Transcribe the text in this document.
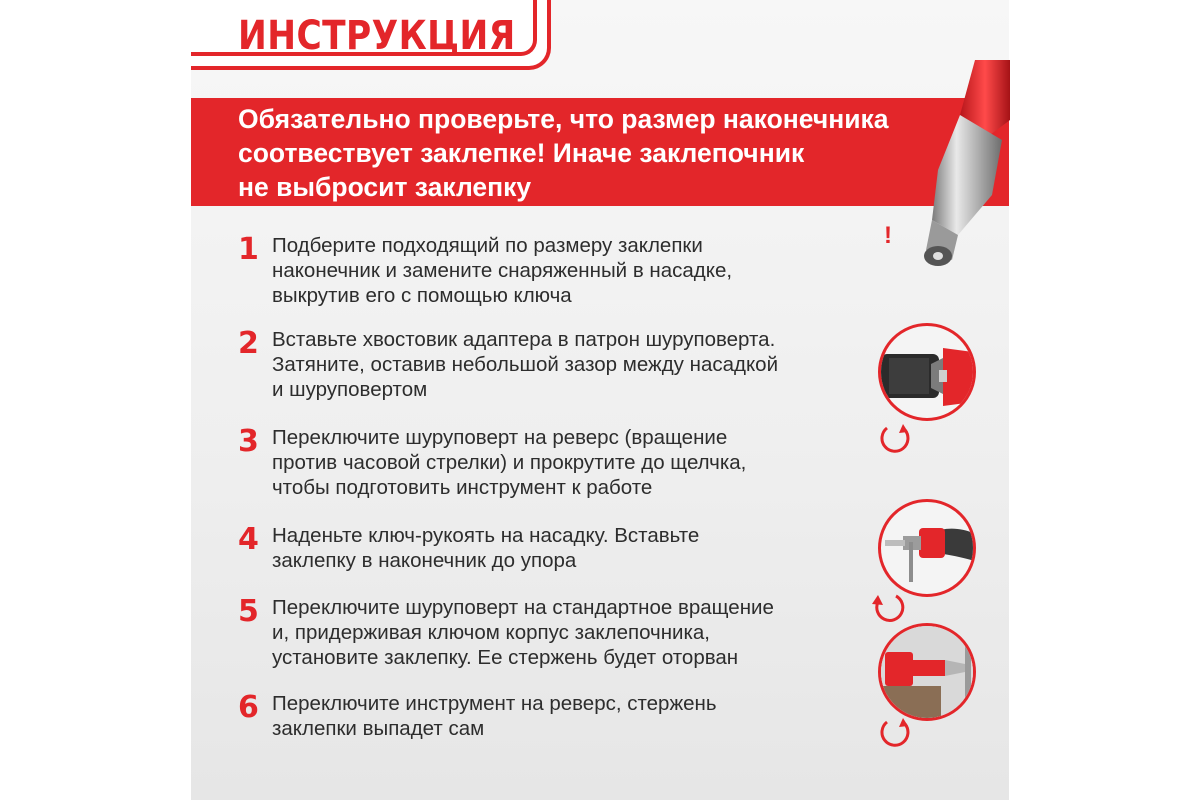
ИНСТРУКЦИЯ
Обязательно проверьте, что размер наконечника
соотвествует заклепке! Иначе заклепочник
не выбросит заклепку
!
1 Подберите подходящий по размеру заклепки
наконечник и замените снаряженный в насадке,
выкрутив его с помощью ключа
2 Вставьте хвостовик адаптера в патрон шуруповерта.
Затяните, оставив небольшой зазор между насадкой
и шуруповертом
3 Переключите шуруповерт на реверс (вращение
против часовой стрелки) и прокрутите до щелчка,
чтобы подготовить инструмент к работе
4 Наденьте ключ-рукоять на насадку. Вставьте
заклепку в наконечник до упора
5 Переключите шуруповерт на стандартное вращение
и, придерживая ключом корпус заклепочника,
установите заклепку. Ее стержень будет оторван
6 Переключите инструмент на реверс, стержень
заклепки выпадет сам
